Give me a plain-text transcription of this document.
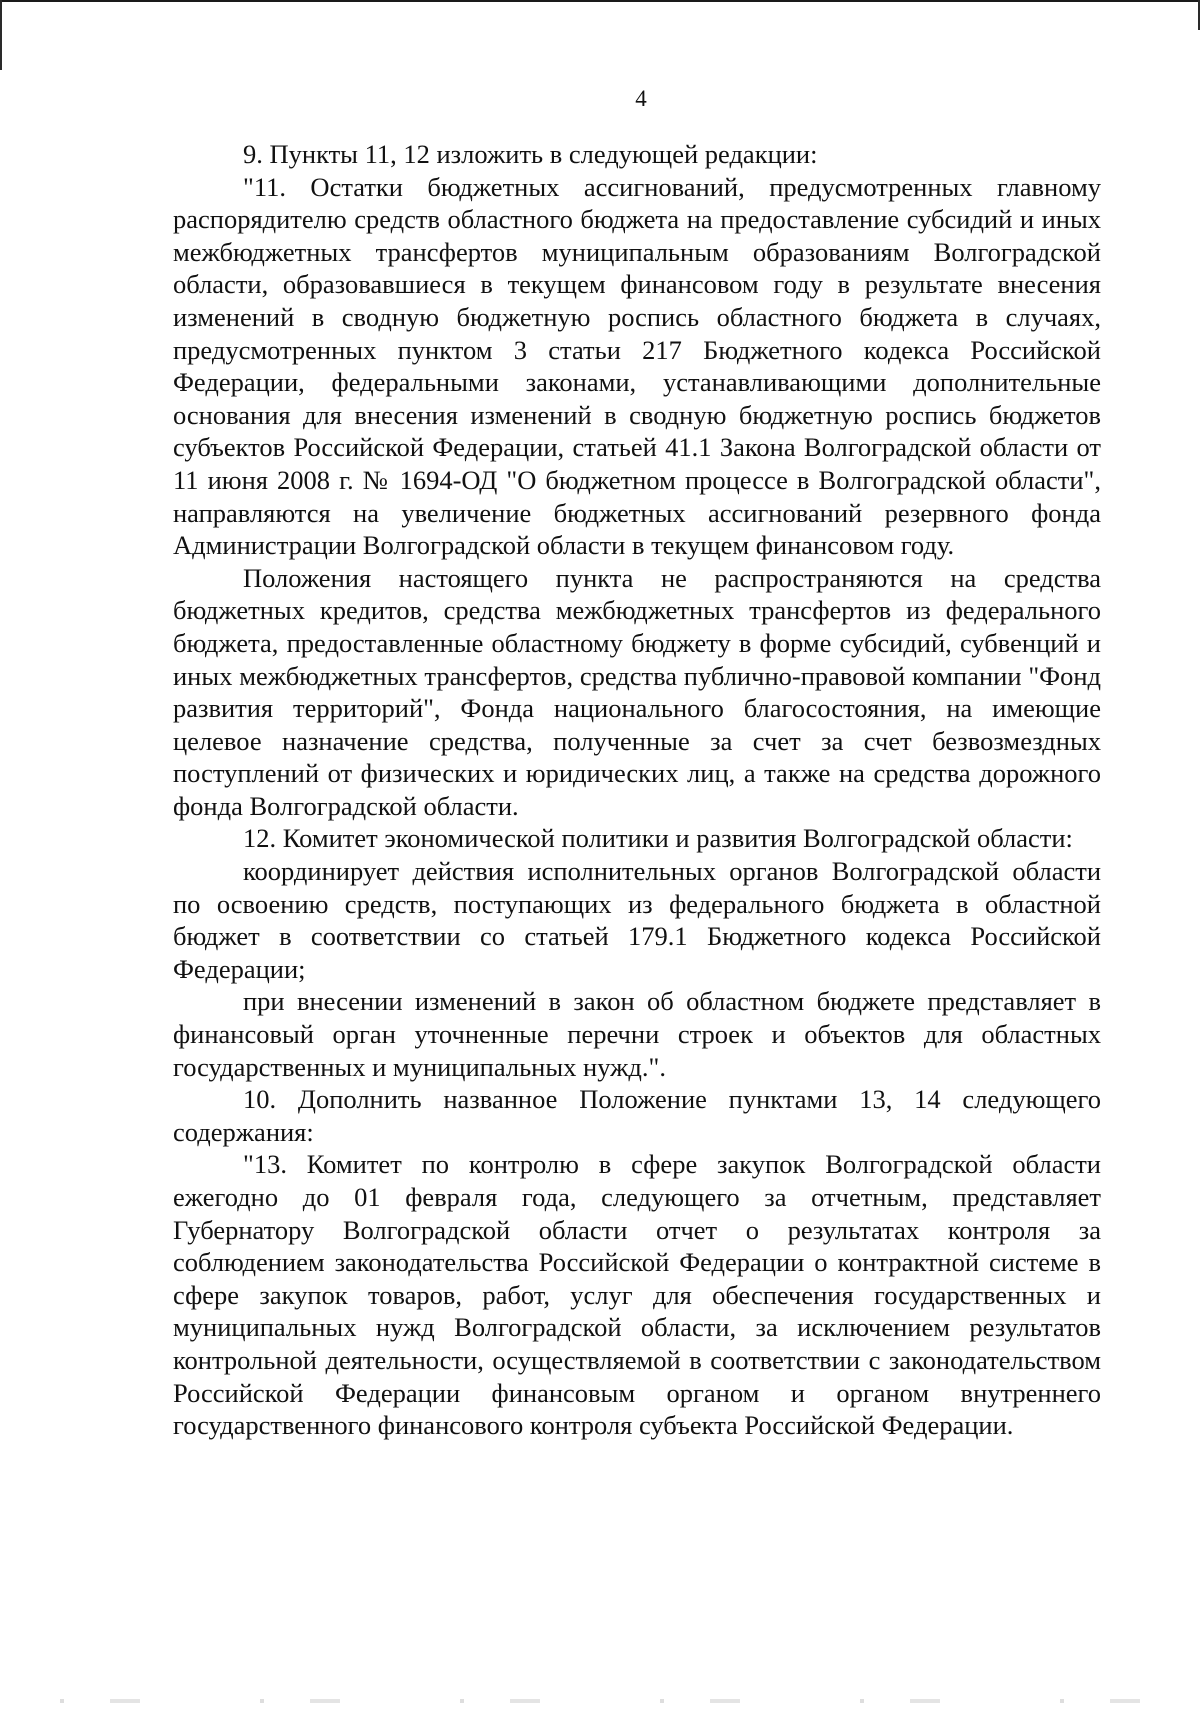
4

9. Пункты 11, 12 изложить в следующей редакции:

"11. Остатки бюджетных ассигнований, предусмотренных главному распорядителю средств областного бюджета на предоставление субсидий и иных межбюджетных трансфертов муниципальным образованиям Волгоградской области, образовавшиеся в текущем финансовом году в результате внесения изменений в сводную бюджетную роспись областного бюджета в случаях, предусмотренных пунктом 3 статьи 217 Бюджетного кодекса Российской Федерации, федеральными законами, устанавливающими дополнительные основания для внесения изменений в сводную бюджетную роспись бюджетов субъектов Российской Федерации, статьей 41.1 Закона Волгоградской области от 11 июня 2008 г. № 1694-ОД "О бюджетном процессе в Волгоградской области", направляются на увеличение бюджетных ассигнований резервного фонда Администрации Волгоградской области в текущем финансовом году.

Положения настоящего пункта не распространяются на средства бюджетных кредитов, средства межбюджетных трансфертов из федерального бюджета, предоставленные областному бюджету в форме субсидий, субвенций и иных межбюджетных трансфертов, средства публично-правовой компании "Фонд развития территорий", Фонда национального благосостояния, на имеющие целевое назначение средства, полученные за счет за счет безвозмездных поступлений от физических и юридических лиц, а также на средства дорожного фонда Волгоградской области.

12. Комитет экономической политики и развития Волгоградской области:

координирует действия исполнительных органов Волгоградской области по освоению средств, поступающих из федерального бюджета в областной бюджет в соответствии со статьей 179.1 Бюджетного кодекса Российской Федерации;

при внесении изменений в закон об областном бюджете представляет в финансовый орган уточненные перечни строек и объектов для областных государственных и муниципальных нужд.".

10. Дополнить названное Положение пунктами 13, 14 следующего содержания:

"13. Комитет по контролю в сфере закупок Волгоградской области ежегодно до 01 февраля года, следующего за отчетным, представляет Губернатору Волгоградской области отчет о результатах контроля за соблюдением законодательства Российской Федерации о контрактной системе в сфере закупок товаров, работ, услуг для обеспечения государственных и муниципальных нужд Волгоградской области, за исключением результатов контрольной деятельности, осуществляемой в соответствии с законодательством Российской Федерации финансовым органом и органом внутреннего государственного финансового контроля субъекта Российской Федерации.
